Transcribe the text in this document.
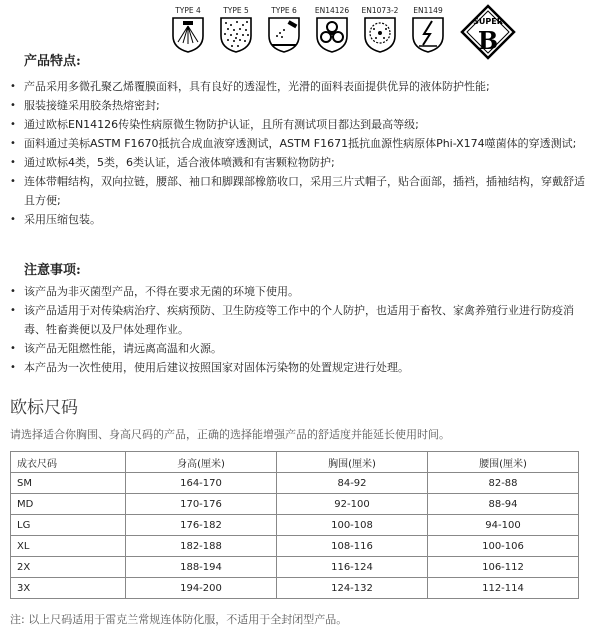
TYPE 4	TYPE 5	TYPE 6 EN14126 EN1073-2 EN1149
SUPER
B
产品特点:
• 产品采用多微孔聚乙烯覆膜面料，具有良好的透湿性，光滑的面料表面提供优异的液体防护性能;
• 服装接缝采用胶条热熔密封;
• 通过欧标EN14126传染性病原微生物防护认证，且所有测试项目都达到最高等级;
• 面料通过美标ASTM F1670抵抗合成血液穿透测试，ASTM F1671抵抗血源性病原体Phi-X174噬菌体的穿透测试;
• 通过欧标4类，5类，6类认证，适合液体喷溅和有害颗粒物防护;
• 连体带帽结构，双向拉链，腰部、袖口和脚踝部橡筋收口，采用三片式帽子，贴合面部，插裆，插袖结构，穿戴舒适且方便;
• 采用压缩包装。
注意事项:
• 该产品为非灭菌型产品，不得在要求无菌的环境下使用。
• 该产品适用于对传染病治疗、疾病预防、卫生防疫等工作中的个人防护，也适用于畜牧、家禽养殖行业进行防疫消毒、牲畜粪便以及尸体处理作业。
• 该产品无阻燃性能，请远离高温和火源。
• 本产品为一次性使用，使用后建议按照国家对固体污染物的处置规定进行处理。
欧标尺码
请选择适合你胸围、身高尺码的产品，正确的选择能增强产品的舒适度并能延长使用时间。
成衣尺码	身高(厘米)	胸围(厘米)	腰围(厘米)
SM	164-170	84-92	82-88
MD	170-176	92-100	88-94
LG	176-182	100-108	94-100
XL	182-188	108-116	100-106
2X	188-194	116-124	106-112
3X	194-200	124-132	112-114
注: 以上尺码适用于雷克兰常规连体防化服，不适用于全封闭型产品。
